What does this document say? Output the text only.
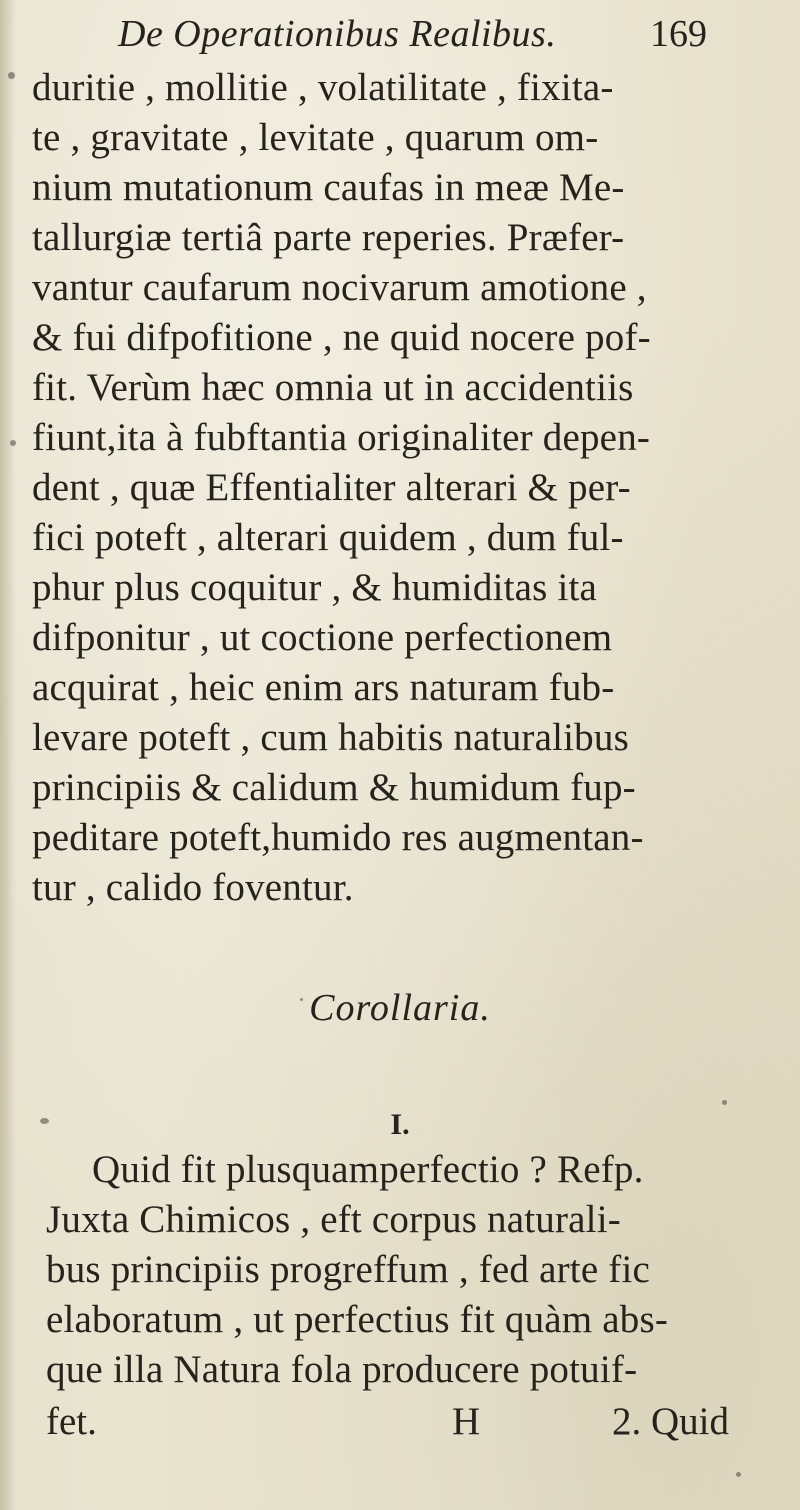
De Operationibus Realibus. 169
duritie , mollitie , volatilitate , fixita-
te , gravitate , levitate , quarum om-
nium mutationum caufas in meæ Me-
tallurgiæ tertiâ parte reperies. Præfer-
vantur caufarum nocivarum amotione ,
& fui difpofitione , ne quid nocere pof-
fit. Verùm hæc omnia ut in accidentiis
fiunt,ita à fubftantia originaliter depen-
dent , quæ Effentialiter alterari & per-
fici poteft , alterari quidem , dum ful-
phur plus coquitur , & humiditas ita
difponitur , ut coctione perfectionem
acquirat , heic enim ars naturam fub-
levare poteft , cum habitis naturalibus
principiis & calidum & humidum fup-
peditare poteft,humido res augmentan-
tur , calido foventur.
Corollaria.
I.
Quid fit plusquamperfectio ? Refp.
Juxta Chimicos , eft corpus naturali-
bus principiis progreffum , fed arte fic
elaboratum , ut perfectius fit quàm abs-
que illa Natura fola producere potuif-
fet.	H	2. Quid
